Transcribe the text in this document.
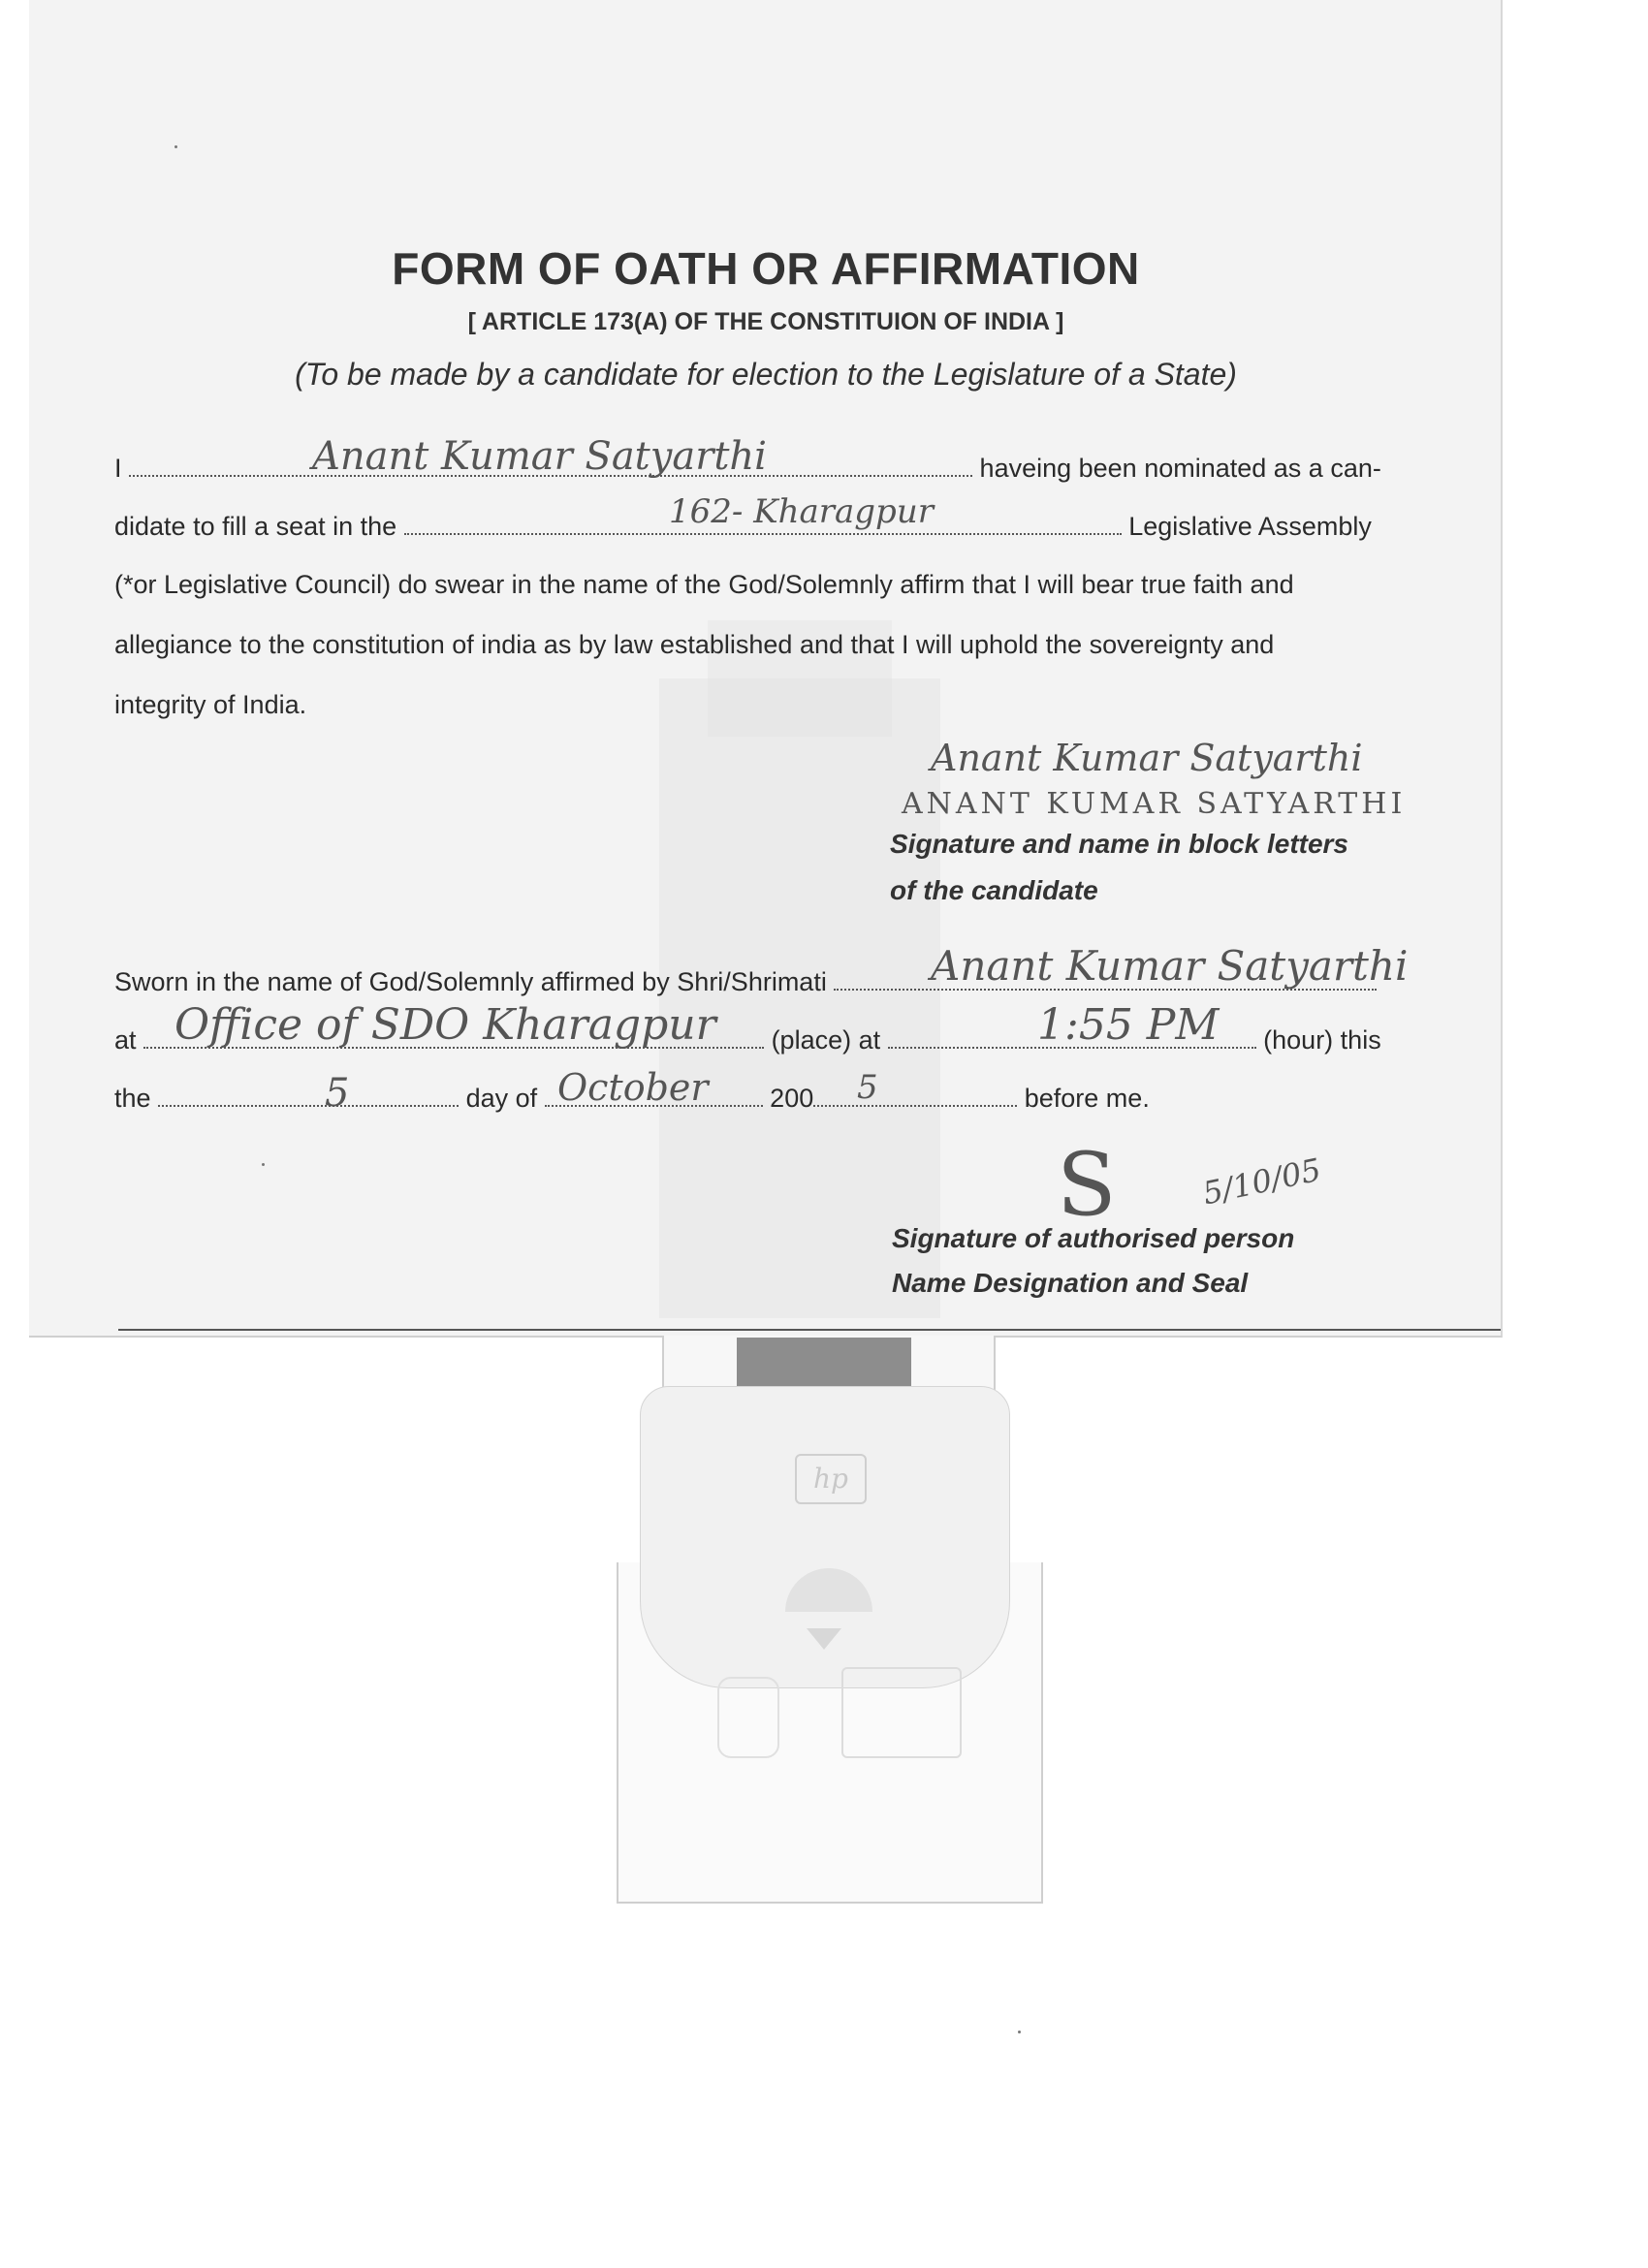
FORM OF OATH OR AFFIRMATION
[ ARTICLE 173(A) OF THE CONSTITUION OF INDIA ]
(To be made by a candidate for election to the Legislature of a State)
I	haveing been nominated as a can-
Anant Kumar Satyarthi
didate to fill a seat in the	Legislative Assembly
162- Kharagpur
(*or Legislative Council) do swear in the name of the God/Solemnly affirm that I will bear true faith and
allegiance to the constitution of india as by law established and that I will uphold the sovereignty and
integrity of India.
Anant Kumar Satyarthi
ANANT KUMAR SATYARTHI
Signature and name in block letters
of the candidate
Sworn in the name of God/Solemnly affirmed by Shri/Shrimati	Anant Kumar Satyarthi
at	(place) at	(hour) this
Office of SDO Kharagpur	1:55 PM
the	day of	200	before me.
5	October	5
S	5/10/05
Signature of authorised person
Name Designation and Seal
hp
